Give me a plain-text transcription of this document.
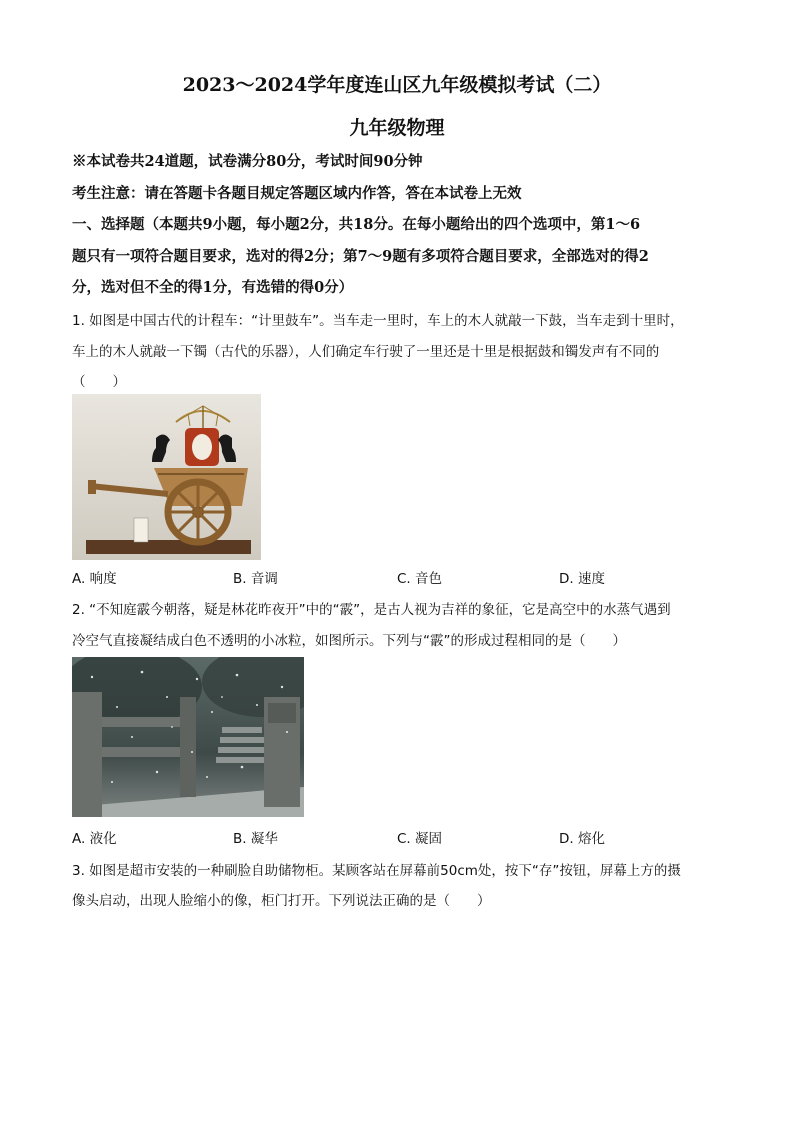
2023～2024学年度连山区九年级模拟考试（二）
九年级物理
※本试卷共24道题，试卷满分80分，考试时间90分钟
考生注意：请在答题卡各题目规定答题区域内作答，答在本试卷上无效
一、选择题（本题共9小题，每小题2分，共18分。在每小题给出的四个选项中，第1～6
题只有一项符合题目要求，选对的得2分；第7～9题有多项符合题目要求，全部选对的得2
分，选对但不全的得1分，有选错的得0分）
1. 如图是中国古代的计程车：“计里鼓车”。当车走一里时，车上的木人就敲一下鼓，当车走到十里时，
车上的木人就敲一下镯（古代的乐器），人们确定车行驶了一里还是十里是根据鼓和镯发声有不同的
（　　）
A. 响度	B. 音调	C. 音色	D. 速度
2. “不知庭霰今朝落，疑是林花昨夜开”中的“霰”，是古人视为吉祥的象征，它是高空中的水蒸气遇到
冷空气直接凝结成白色不透明的小冰粒，如图所示。下列与“霰”的形成过程相同的是（　　）
A. 液化	B. 凝华	C. 凝固	D. 熔化
3. 如图是超市安装的一种刷脸自助储物柜。某顾客站在屏幕前50cm处，按下“存”按钮，屏幕上方的摄
像头启动，出现人脸缩小的像，柜门打开。下列说法正确的是（　　）
